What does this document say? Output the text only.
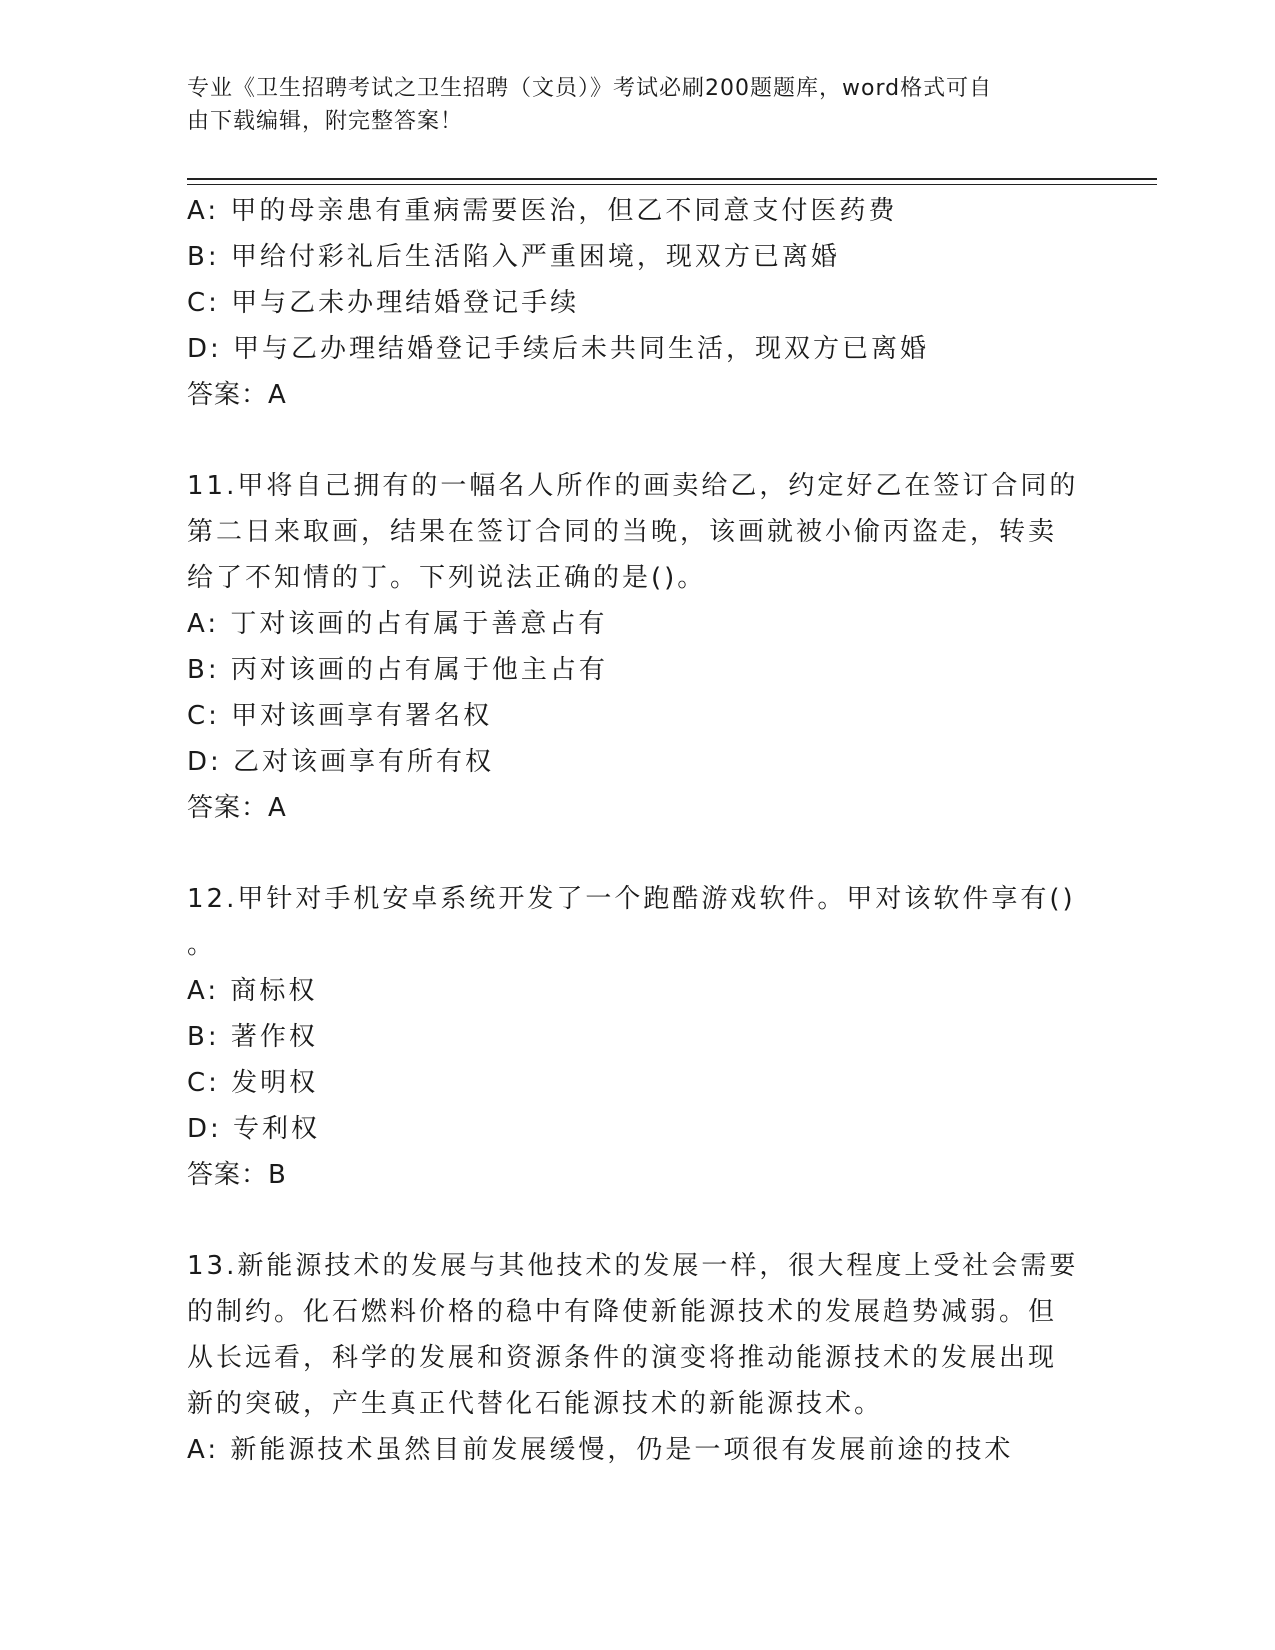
专业《卫生招聘考试之卫生招聘（文员）》考试必刷200题题库，word格式可自
由下载编辑，附完整答案！
A: 甲的母亲患有重病需要医治，但乙不同意支付医药费
B: 甲给付彩礼后生活陷入严重困境，现双方已离婚
C: 甲与乙未办理结婚登记手续
D: 甲与乙办理结婚登记手续后未共同生活，现双方已离婚
答案：A
11.甲将自己拥有的一幅名人所作的画卖给乙，约定好乙在签订合同的
第二日来取画，结果在签订合同的当晚，该画就被小偷丙盗走，转卖
给了不知情的丁。下列说法正确的是()。
A: 丁对该画的占有属于善意占有
B: 丙对该画的占有属于他主占有
C: 甲对该画享有署名权
D: 乙对该画享有所有权
答案：A
12.甲针对手机安卓系统开发了一个跑酷游戏软件。甲对该软件享有()
。
A: 商标权
B: 著作权
C: 发明权
D: 专利权
答案：B
13.新能源技术的发展与其他技术的发展一样，很大程度上受社会需要
的制约。化石燃料价格的稳中有降使新能源技术的发展趋势减弱。但
从长远看，科学的发展和资源条件的演变将推动能源技术的发展出现
新的突破，产生真正代替化石能源技术的新能源技术。
A: 新能源技术虽然目前发展缓慢，仍是一项很有发展前途的技术
